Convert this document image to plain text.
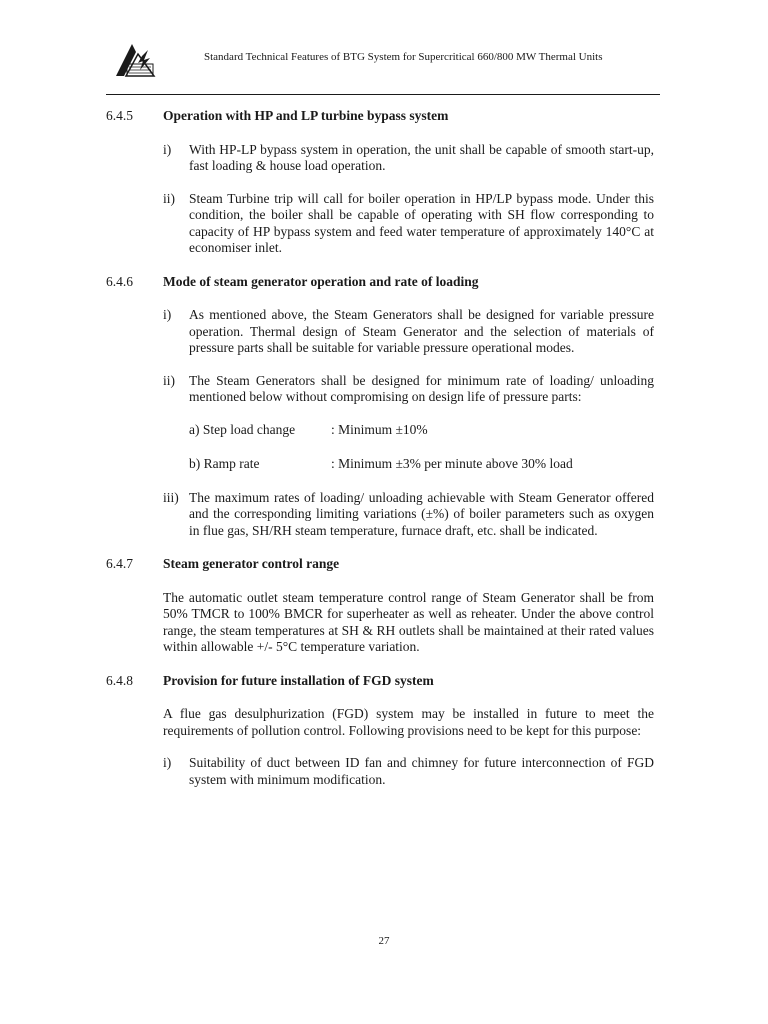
Standard Technical Features of BTG System for Supercritical 660/800 MW Thermal Units
6.4.5	Operation with HP and LP turbine bypass system
i)	With HP-LP bypass system in operation, the unit shall be capable of smooth start-up, fast loading & house load operation.
ii)	Steam Turbine trip will call for boiler operation in HP/LP bypass mode. Under this condition, the boiler shall be capable of operating with SH flow corresponding to capacity of HP bypass system and feed water temperature of approximately 140°C at economiser inlet.
6.4.6	Mode of steam generator operation and rate of loading
i)	As mentioned above, the Steam Generators shall be designed for variable pressure operation. Thermal design of Steam Generator and the selection of materials of pressure parts shall be suitable for variable pressure operational modes.
ii)	The Steam Generators shall be designed for minimum rate of loading/ unloading mentioned below without compromising on design life of pressure parts:
a) Step load change	: Minimum ±10%
b) Ramp rate	: Minimum ±3% per minute above 30% load
iii) The maximum rates of loading/ unloading achievable with Steam Generator offered and the corresponding limiting variations (±%) of boiler parameters such as oxygen in flue gas, SH/RH steam temperature, furnace draft, etc. shall be indicated.
6.4.7	Steam generator control range
The automatic outlet steam temperature control range of Steam Generator shall be from 50% TMCR to 100% BMCR for superheater as well as reheater. Under the above control range, the steam temperatures at SH & RH outlets shall be maintained at their rated values within allowable +/- 5°C temperature variation.
6.4.8	Provision for future installation of FGD system
A flue gas desulphurization (FGD) system may be installed in future to meet the requirements of pollution control. Following provisions need to be kept for this purpose:
i)	Suitability of duct between ID fan and chimney for future interconnection of FGD system with minimum modification.
27
